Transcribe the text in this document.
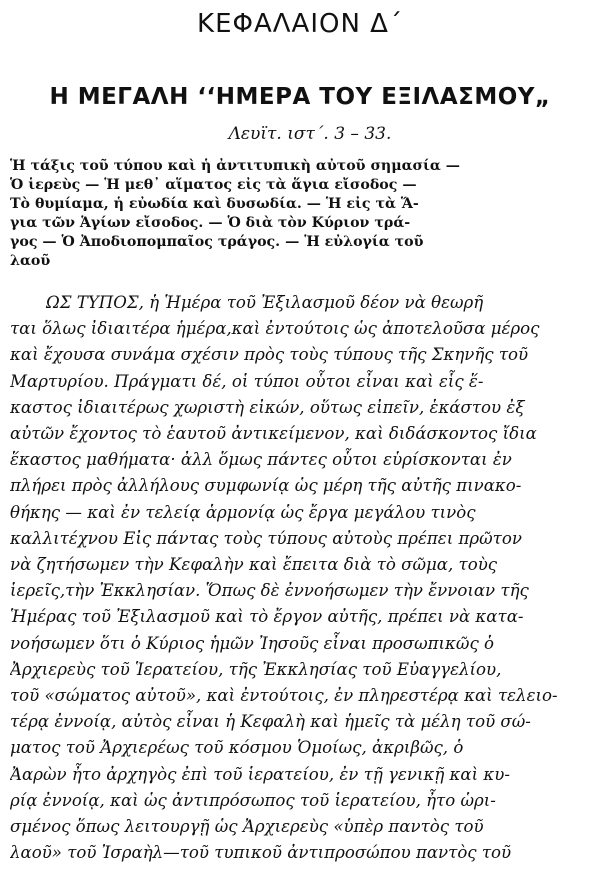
ΚΕΦΑΛΑΙΟΝ Δ΄
Η ΜΕΓΑΛΗ ‘‘ΗΜΕΡΑ ΤΟΥ ΕΞΙΛΑΣΜΟΥ„
Λευϊτ. ιστ΄. 3 – 33.
Ἡ τάξις τοῦ τύπου καὶ ἡ ἀντιτυπικὴ αὐτοῦ σημασία —
Ὁ ἱερεὺς — Ἡ μεθ᾽ αἵματος εἰς τὰ ἅγια εἴσοδος —
Τὸ θυμίαμα, ἡ εὐωδία καὶ δυσωδία. — Ἡ εἰς τὰ Ἅ-
για τῶν Ἁγίων εἴσοδος. — Ὁ διὰ τὸν Κύριον τρά-
γος — Ὁ Ἀποδιοπομπαῖος τράγος. — Ἡ εὐλογία τοῦ
λαοῦ
ΩΣ ΤΥΠΟΣ, ἡ Ἡμέρα τοῦ Ἐξιλασμοῦ δέον νὰ θεωρῆ
ται ὅλως ἰδιαιτέρα ἡμέρα,καὶ ἐντούτοις ὡς ἀποτελοῦσα μέρος
καὶ ἔχουσα συνάμα σχέσιν πρὸς τοὺς τύπους τῆς Σκηνῆς τοῦ
Μαρτυρίου. Πράγματι δέ, οἱ τύποι οὗτοι εἶναι καὶ εἷς ἕ-
καστος ἰδιαιτέρως χωριστὴ εἰκών, οὕτως εἰπεῖν, ἑκάστου ἐξ
αὐτῶν ἔχοντος τὸ ἑαυτοῦ ἀντικείμενον, καὶ διδάσκοντος ἴδια
ἕκαστος μαθήματα· ἀλλ ὅμως πάντες οὗτοι εὑρίσκονται ἐν
πλήρει πρὸς ἀλλήλους συμφωνίᾳ ὡς μέρη τῆς αὐτῆς πινακο-
θήκης — καὶ ἐν τελείᾳ ἁρμονίᾳ ὡς ἔργα μεγάλου τινὸς
καλλιτέχνου Εἰς πάντας τοὺς τύπους αὐτοὺς πρέπει πρῶτον
νὰ ζητήσωμεν τὴν Κεφαλὴν καὶ ἔπειτα διὰ τὸ σῶμα, τοὺς
ἱερεῖς,τὴν Ἐκκλησίαν. Ὅπως δὲ ἐννοήσωμεν τὴν ἔννοιαν τῆς
Ἡμέρας τοῦ Ἐξιλασμοῦ καὶ τὸ ἔργον αὐτῆς, πρέπει νὰ κατα-
νοήσωμεν ὅτι ὁ Κύριος ἡμῶν Ἰησοῦς εἶναι προσωπικῶς ὁ
Ἀρχιερεὺς τοῦ Ἱερατείου, τῆς Ἐκκλησίας τοῦ Εὐαγγελίου,
τοῦ «σώματος αὐτοῦ», καὶ ἐντούτοις, ἐν πληρεστέρᾳ καὶ τελειο-
τέρᾳ ἐννοίᾳ, αὐτὸς εἶναι ἡ Κεφαλὴ καὶ ἡμεῖς τὰ μέλη τοῦ σώ-
ματος τοῦ Ἀρχιερέως τοῦ κόσμου Ὁμοίως, ἀκριβῶς, ὁ
Ἀαρὼν ἦτο ἀρχηγὸς ἐπὶ τοῦ ἱερατείου, ἐν τῇ γενικῇ καὶ κυ-
ρίᾳ ἐννοίᾳ, καὶ ὡς ἀντιπρόσωπος τοῦ ἱερατείου, ἦτο ὡρι-
σμένος ὅπως λειτουργῇ ὡς Ἀρχιερεὺς «ὑπὲρ παντὸς τοῦ
λαοῦ» τοῦ Ἰσραὴλ—τοῦ τυπικοῦ ἀντιπροσώπου παντὸς τοῦ
